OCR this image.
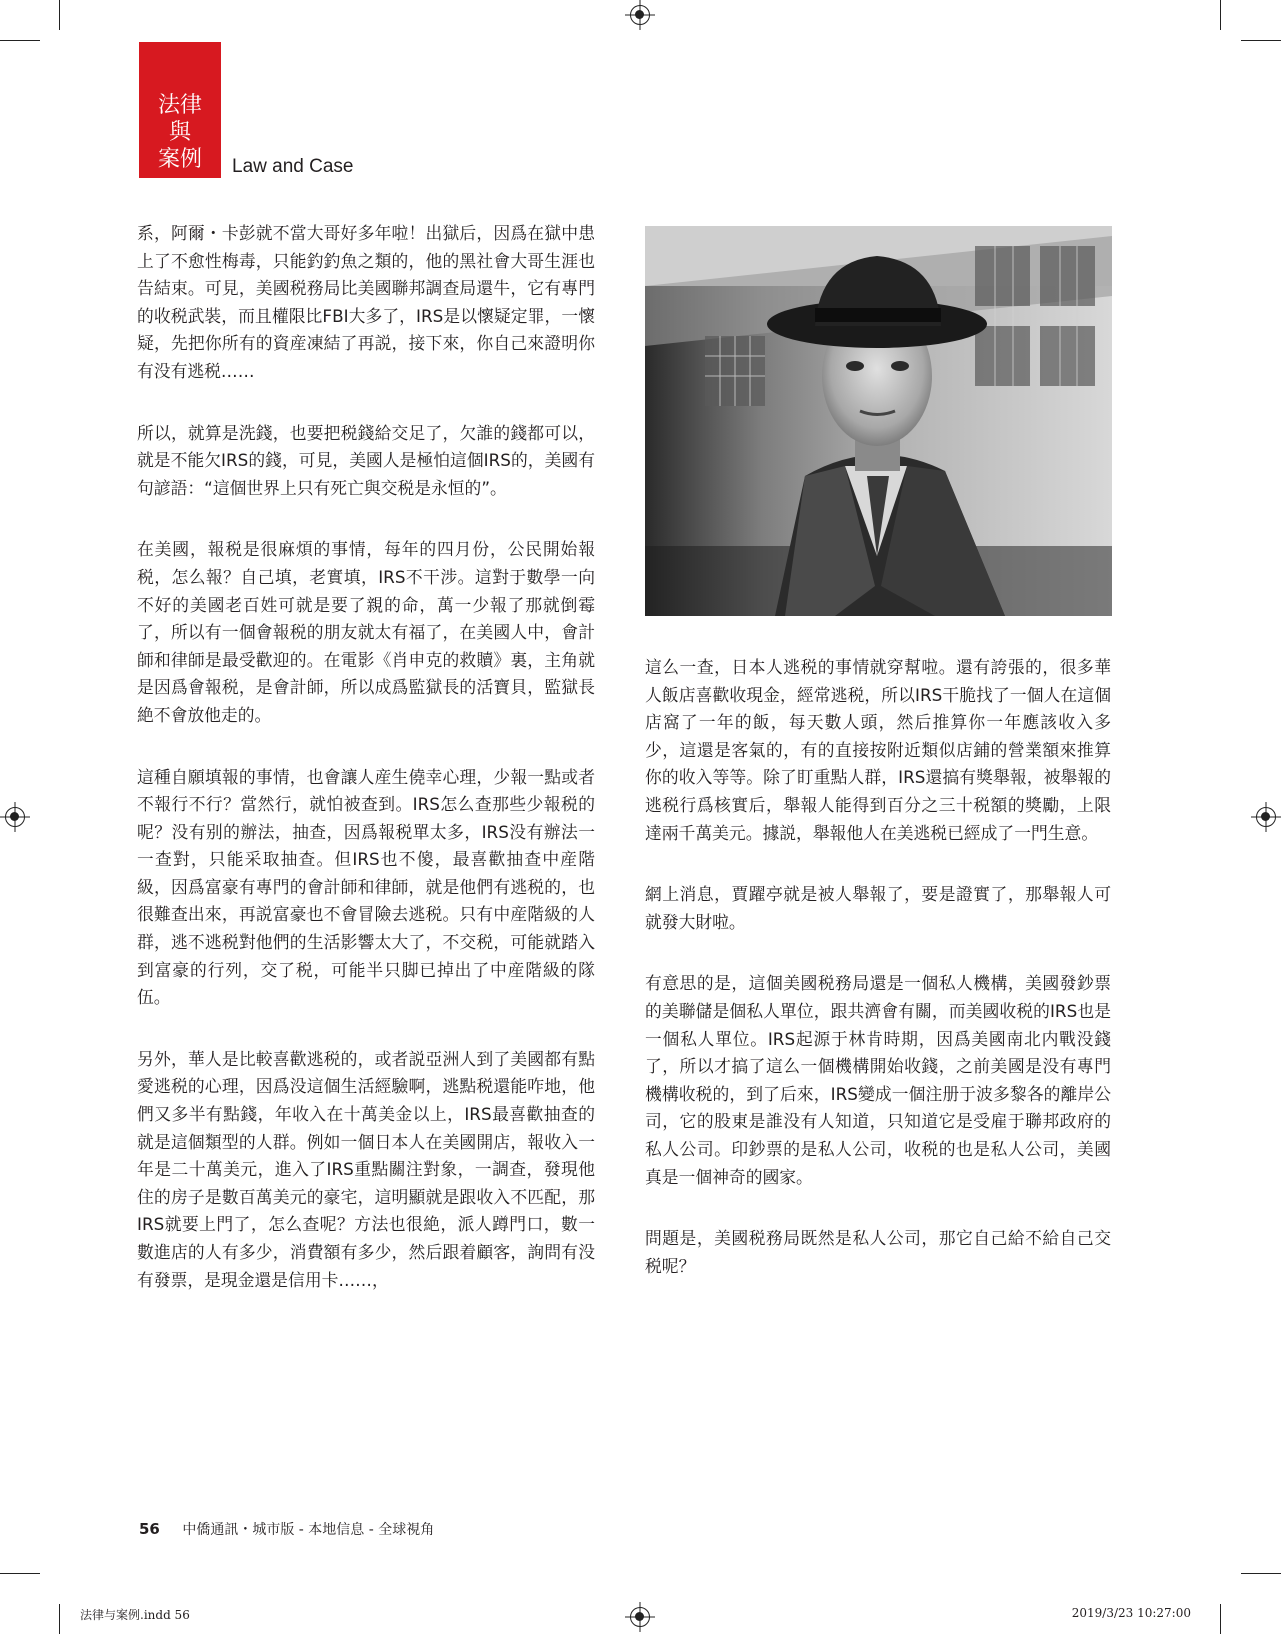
法律
與
案例	Law and Case

系，阿爾・卡彭就不當大哥好多年啦！出獄后，因爲在獄中患上了不愈性梅毒，只能釣釣魚之類的，他的黑社會大哥生涯也告結束。可見，美國税務局比美國聯邦調查局還牛，它有專門的收税武裝，而且權限比FBI大多了，IRS是以懷疑定罪，一懷疑，先把你所有的資産凍結了再説，接下來，你自己來證明你有没有逃税……

所以，就算是洗錢，也要把税錢給交足了，欠誰的錢都可以，就是不能欠IRS的錢，可見，美國人是極怕這個IRS的，美國有句諺語：“這個世界上只有死亡與交税是永恒的”。

在美國，報税是很麻煩的事情，每年的四月份，公民開始報税，怎么報？自己填，老實填，IRS不干涉。這對于數學一向不好的美國老百姓可就是要了親的命，萬一少報了那就倒霉了，所以有一個會報税的朋友就太有福了，在美國人中，會計師和律師是最受歡迎的。在電影《肖申克的救贖》裏，主角就是因爲會報税，是會計師，所以成爲監獄長的活寶貝，監獄長絶不會放他走的。

這種自願填報的事情，也會讓人産生僥幸心理，少報一點或者不報行不行？當然行，就怕被查到。IRS怎么查那些少報税的呢？没有别的辦法，抽查，因爲報税單太多，IRS没有辦法一一查對，只能采取抽查。但IRS也不傻，最喜歡抽查中産階級，因爲富豪有專門的會計師和律師，就是他們有逃税的，也很難查出來，再説富豪也不會冒險去逃税。只有中産階級的人群，逃不逃税對他們的生活影響太大了，不交税，可能就踏入到富豪的行列，交了税，可能半只脚已掉出了中産階級的隊伍。

另外，華人是比較喜歡逃税的，或者説亞洲人到了美國都有點愛逃税的心理，因爲没這個生活經驗啊，逃點税還能咋地，他們又多半有點錢，年收入在十萬美金以上，IRS最喜歡抽查的就是這個類型的人群。例如一個日本人在美國開店，報收入一年是二十萬美元，進入了IRS重點關注對象，一調查，發現他住的房子是數百萬美元的豪宅，這明顯就是跟收入不匹配，那IRS就要上門了，怎么查呢？方法也很絶，派人蹲門口，數一數進店的人有多少，消費額有多少，然后跟着顧客，詢問有没有發票，是現金還是信用卡……，

這么一查，日本人逃税的事情就穿幫啦。還有誇張的，很多華人飯店喜歡收現金，經常逃税，所以IRS干脆找了一個人在這個店窩了一年的飯，每天數人頭，然后推算你一年應該收入多少，這還是客氣的，有的直接按附近類似店鋪的營業額來推算你的收入等等。除了盯重點人群，IRS還搞有獎舉報，被舉報的逃税行爲核實后，舉報人能得到百分之三十税額的獎勵，上限達兩千萬美元。據説，舉報他人在美逃税已經成了一門生意。

網上消息，賈躍亭就是被人舉報了，要是證實了，那舉報人可就發大財啦。

有意思的是，這個美國税務局還是一個私人機構，美國發鈔票的美聯儲是個私人單位，跟共濟會有關，而美國收税的IRS也是一個私人單位。IRS起源于林肯時期，因爲美國南北内戰没錢了，所以才搞了這么一個機構開始收錢，之前美國是没有專門機構收税的，到了后來，IRS變成一個注册于波多黎各的離岸公司，它的股東是誰没有人知道，只知道它是受雇于聯邦政府的私人公司。印鈔票的是私人公司，收税的也是私人公司，美國真是一個神奇的國家。

問題是，美國税務局既然是私人公司，那它自己給不給自己交税呢？

56 中僑通訊・城市版 - 本地信息 - 全球視角
法律与案例.indd 56	2019/3/23 10:27:00
